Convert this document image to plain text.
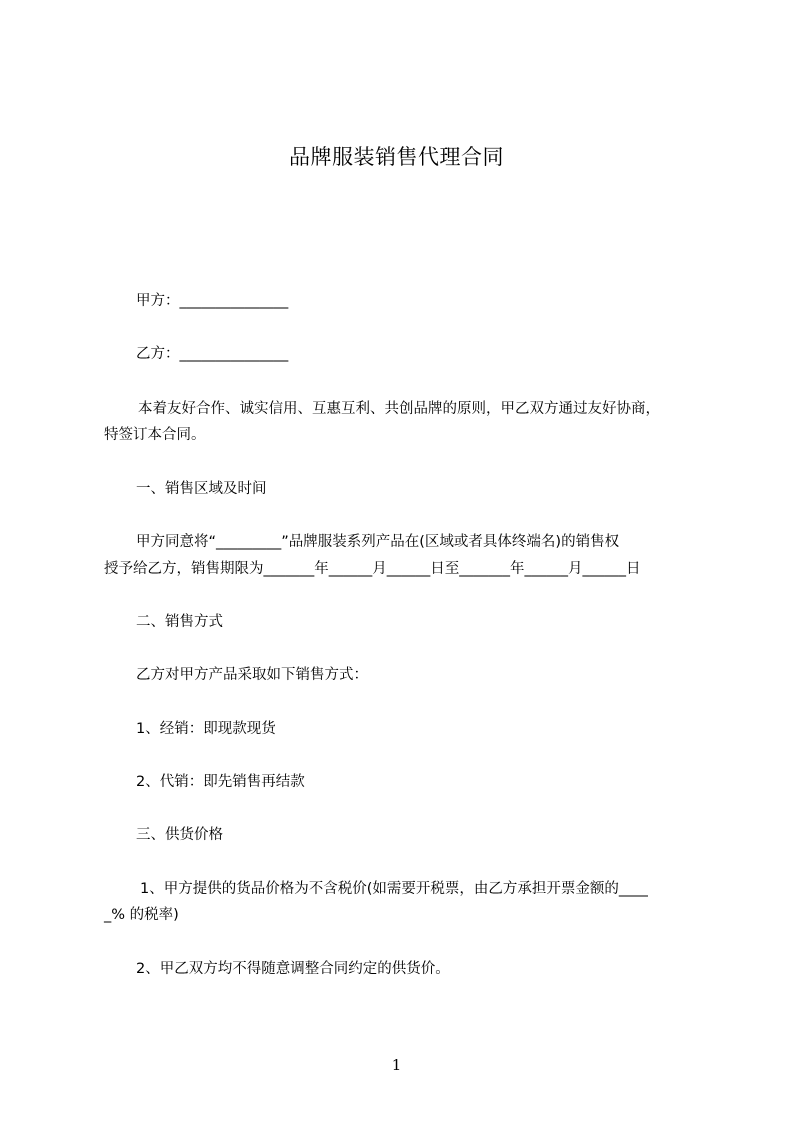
品牌服装销售代理合同
甲方：_______________
乙方：_______________
本着友好合作、诚实信用、互惠互利、共创品牌的原则，甲乙双方通过友好协商，
特签订本合同。
一、销售区域及时间
甲方同意将“_________”品牌服装系列产品在(区域或者具体终端名)的销售权
授予给乙方，销售期限为_______年______月______日至_______年______月______日
二、销售方式
乙方对甲方产品采取如下销售方式：
1、经销：即现款现货
2、代销：即先销售再结款
三、供货价格
1、甲方提供的货品价格为不含税价(如需要开税票，由乙方承担开票金额的____
_% 的税率)
2、甲乙双方均不得随意调整合同约定的供货价。
1
